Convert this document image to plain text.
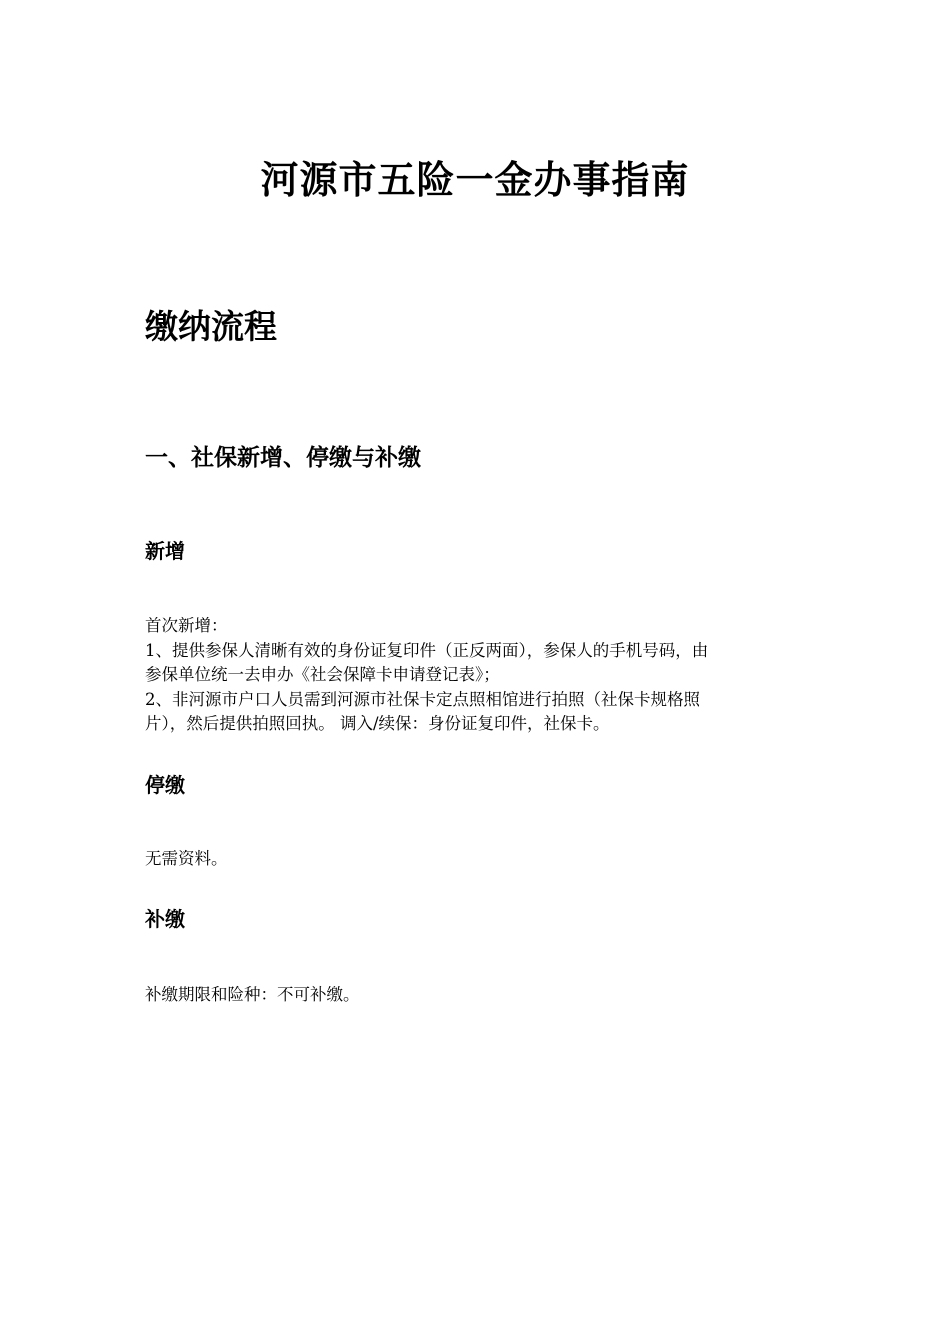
河源市五险一金办事指南
缴纳流程
一、社保新增、停缴与补缴
新增
首次新增：
1、提供参保人清晰有效的身份证复印件（正反两面），参保人的手机号码，由
参保单位统一去申办《社会保障卡申请登记表》；
2、非河源市户口人员需到河源市社保卡定点照相馆进行拍照（社保卡规格照
片），然后提供拍照回执。 调入/续保：身份证复印件，社保卡。
停缴
无需资料。
补缴
补缴期限和险种：不可补缴。
